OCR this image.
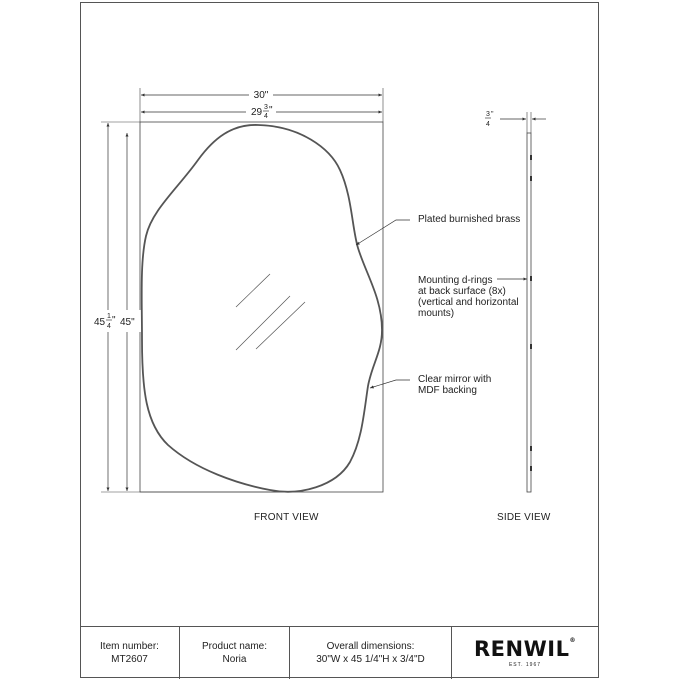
30"
29 3
4
"
45
1
4
" 45"
3
4
"
Plated burnished brass
Mounting d-rings
at back surface (8x)
(vertical and horizontal
mounts)
Clear mirror with
MDF backing
FRONT VIEW	SIDE VIEW
Item number:
MT2607
Product name:
Noria
Overall dimensions:
30"W x 45 1/4"H x 3/4"D	RENWIL®
EST. 1967
